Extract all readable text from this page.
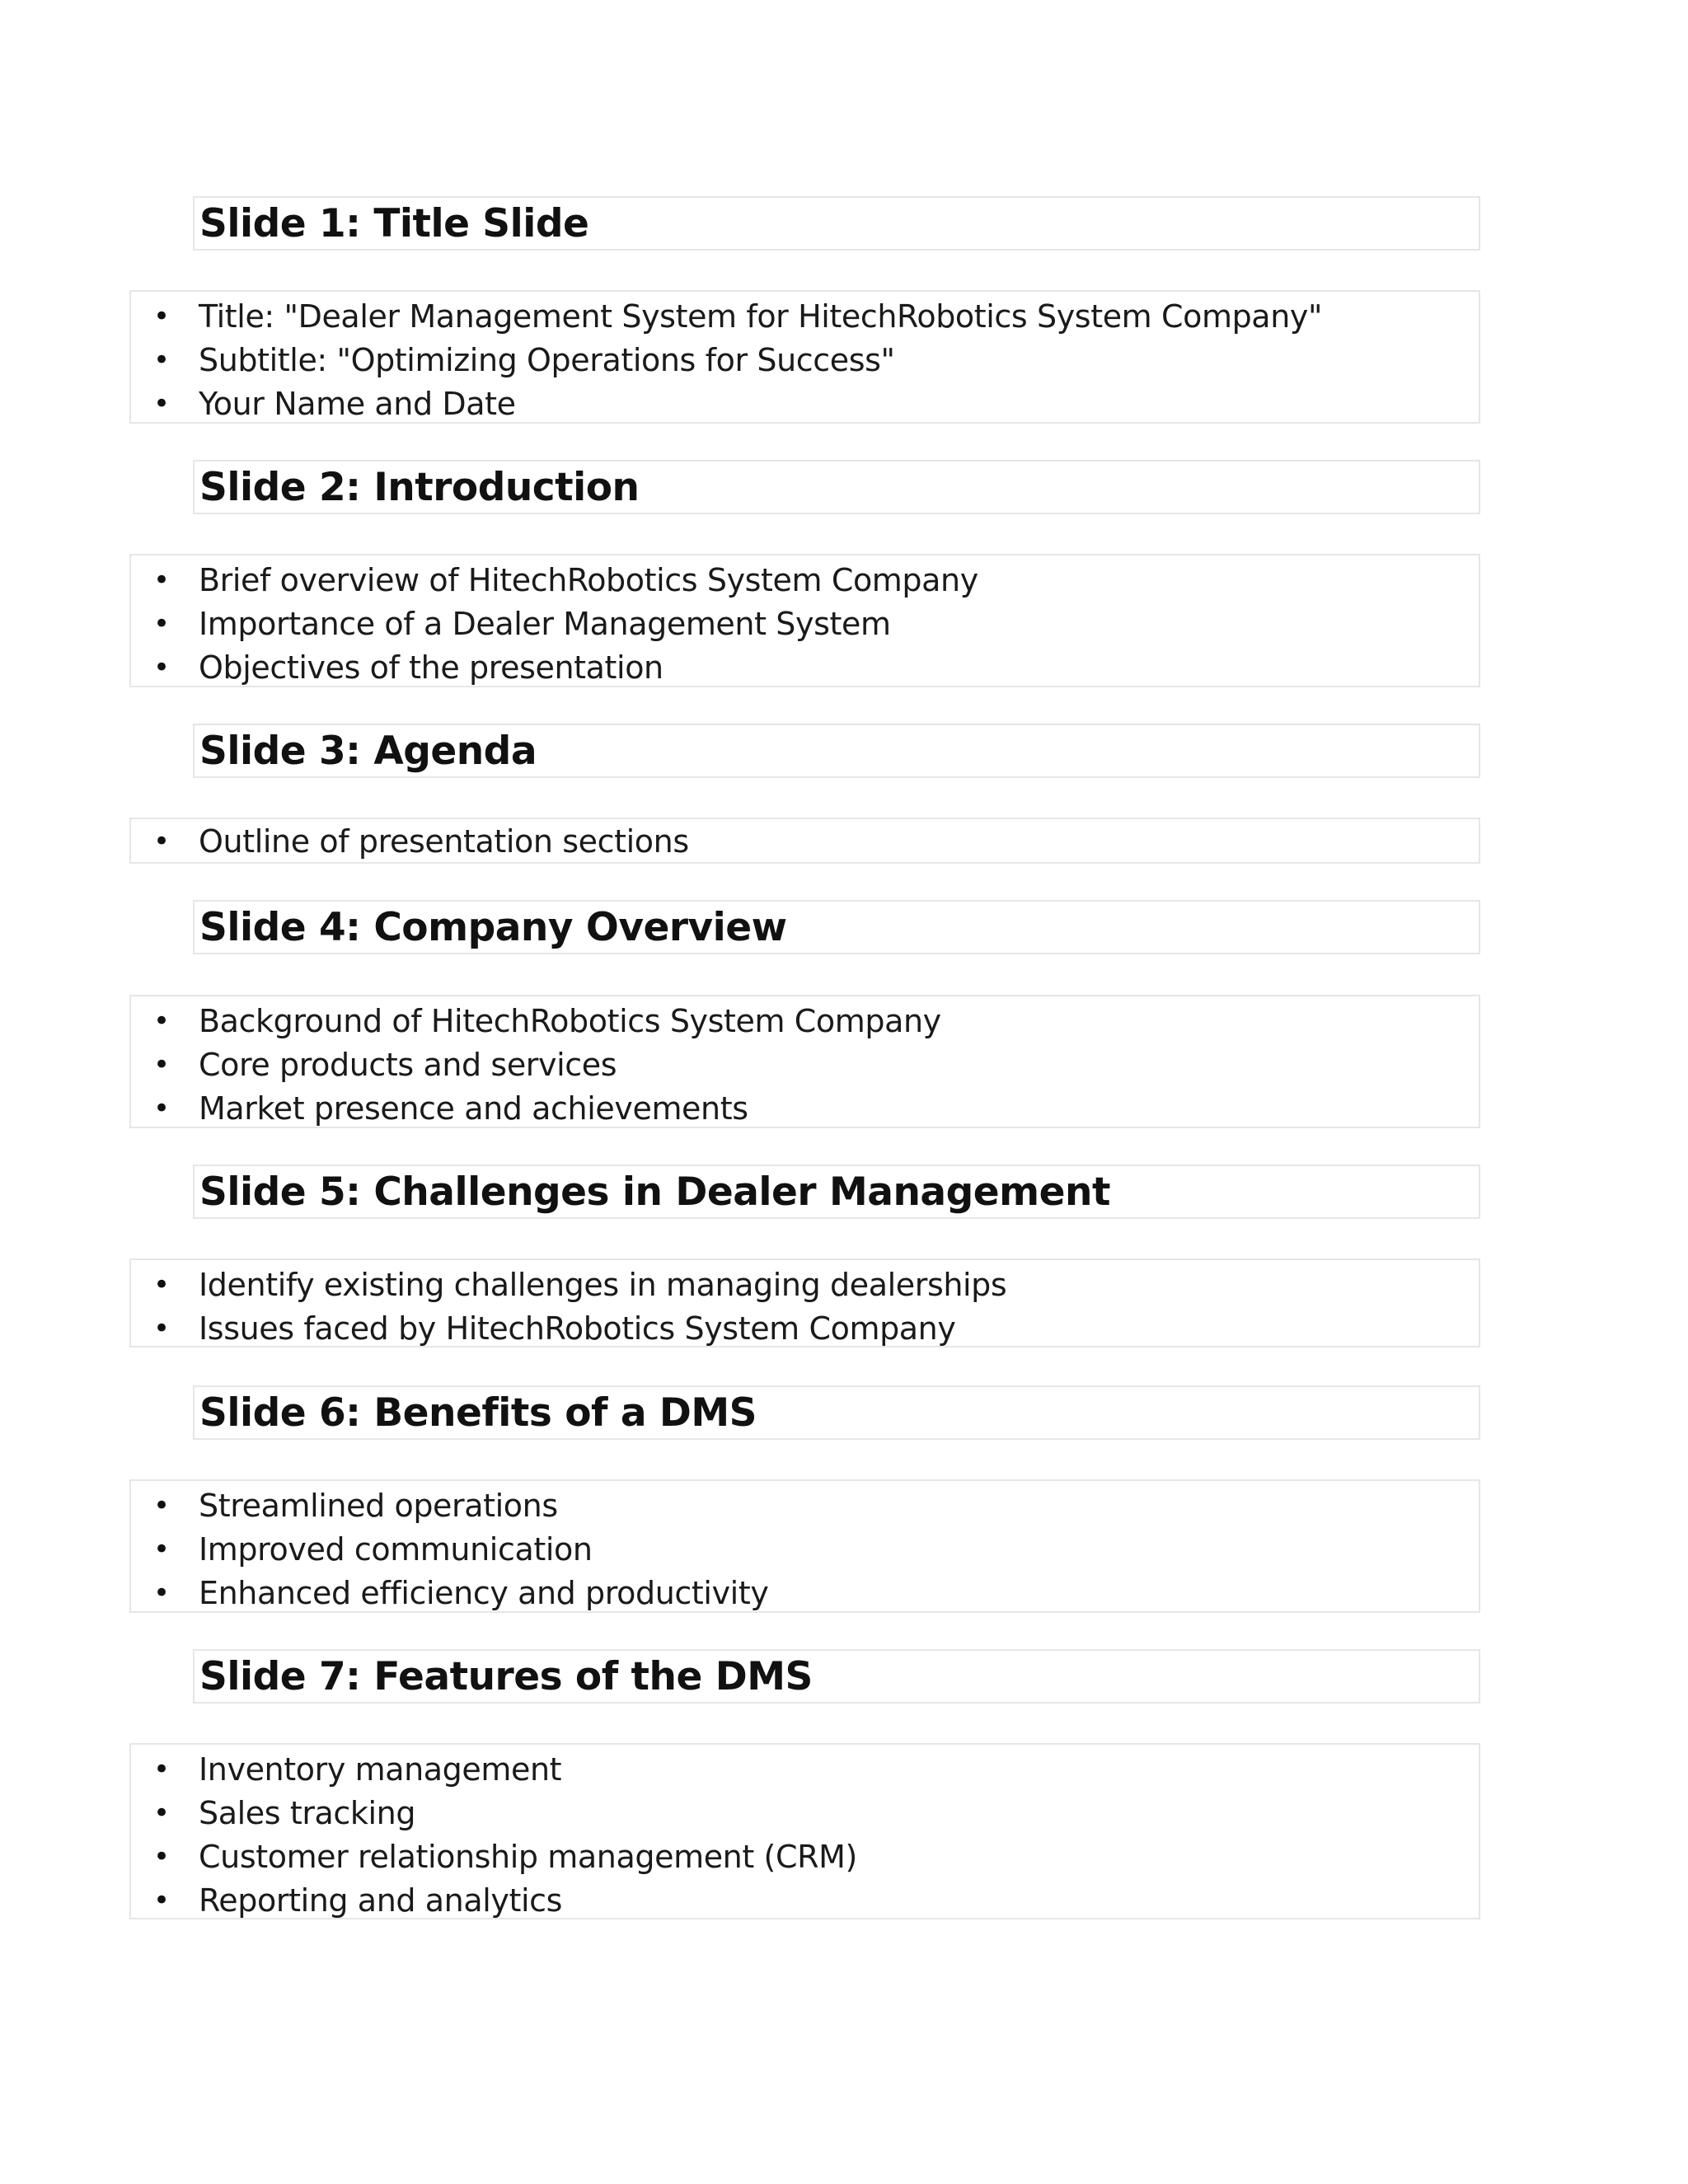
Slide 1: Title Slide
• Title: "Dealer Management System for HitechRobotics System Company"
• Subtitle: "Optimizing Operations for Success"
• Your Name and Date
Slide 2: Introduction
• Brief overview of HitechRobotics System Company
• Importance of a Dealer Management System
• Objectives of the presentation
Slide 3: Agenda
• Outline of presentation sections
Slide 4: Company Overview
• Background of HitechRobotics System Company
• Core products and services
• Market presence and achievements
Slide 5: Challenges in Dealer Management
• Identify existing challenges in managing dealerships
• Issues faced by HitechRobotics System Company
Slide 6: Benefits of a DMS
• Streamlined operations
• Improved communication
• Enhanced efficiency and productivity
Slide 7: Features of the DMS
• Inventory management
• Sales tracking
• Customer relationship management (CRM)
• Reporting and analytics
